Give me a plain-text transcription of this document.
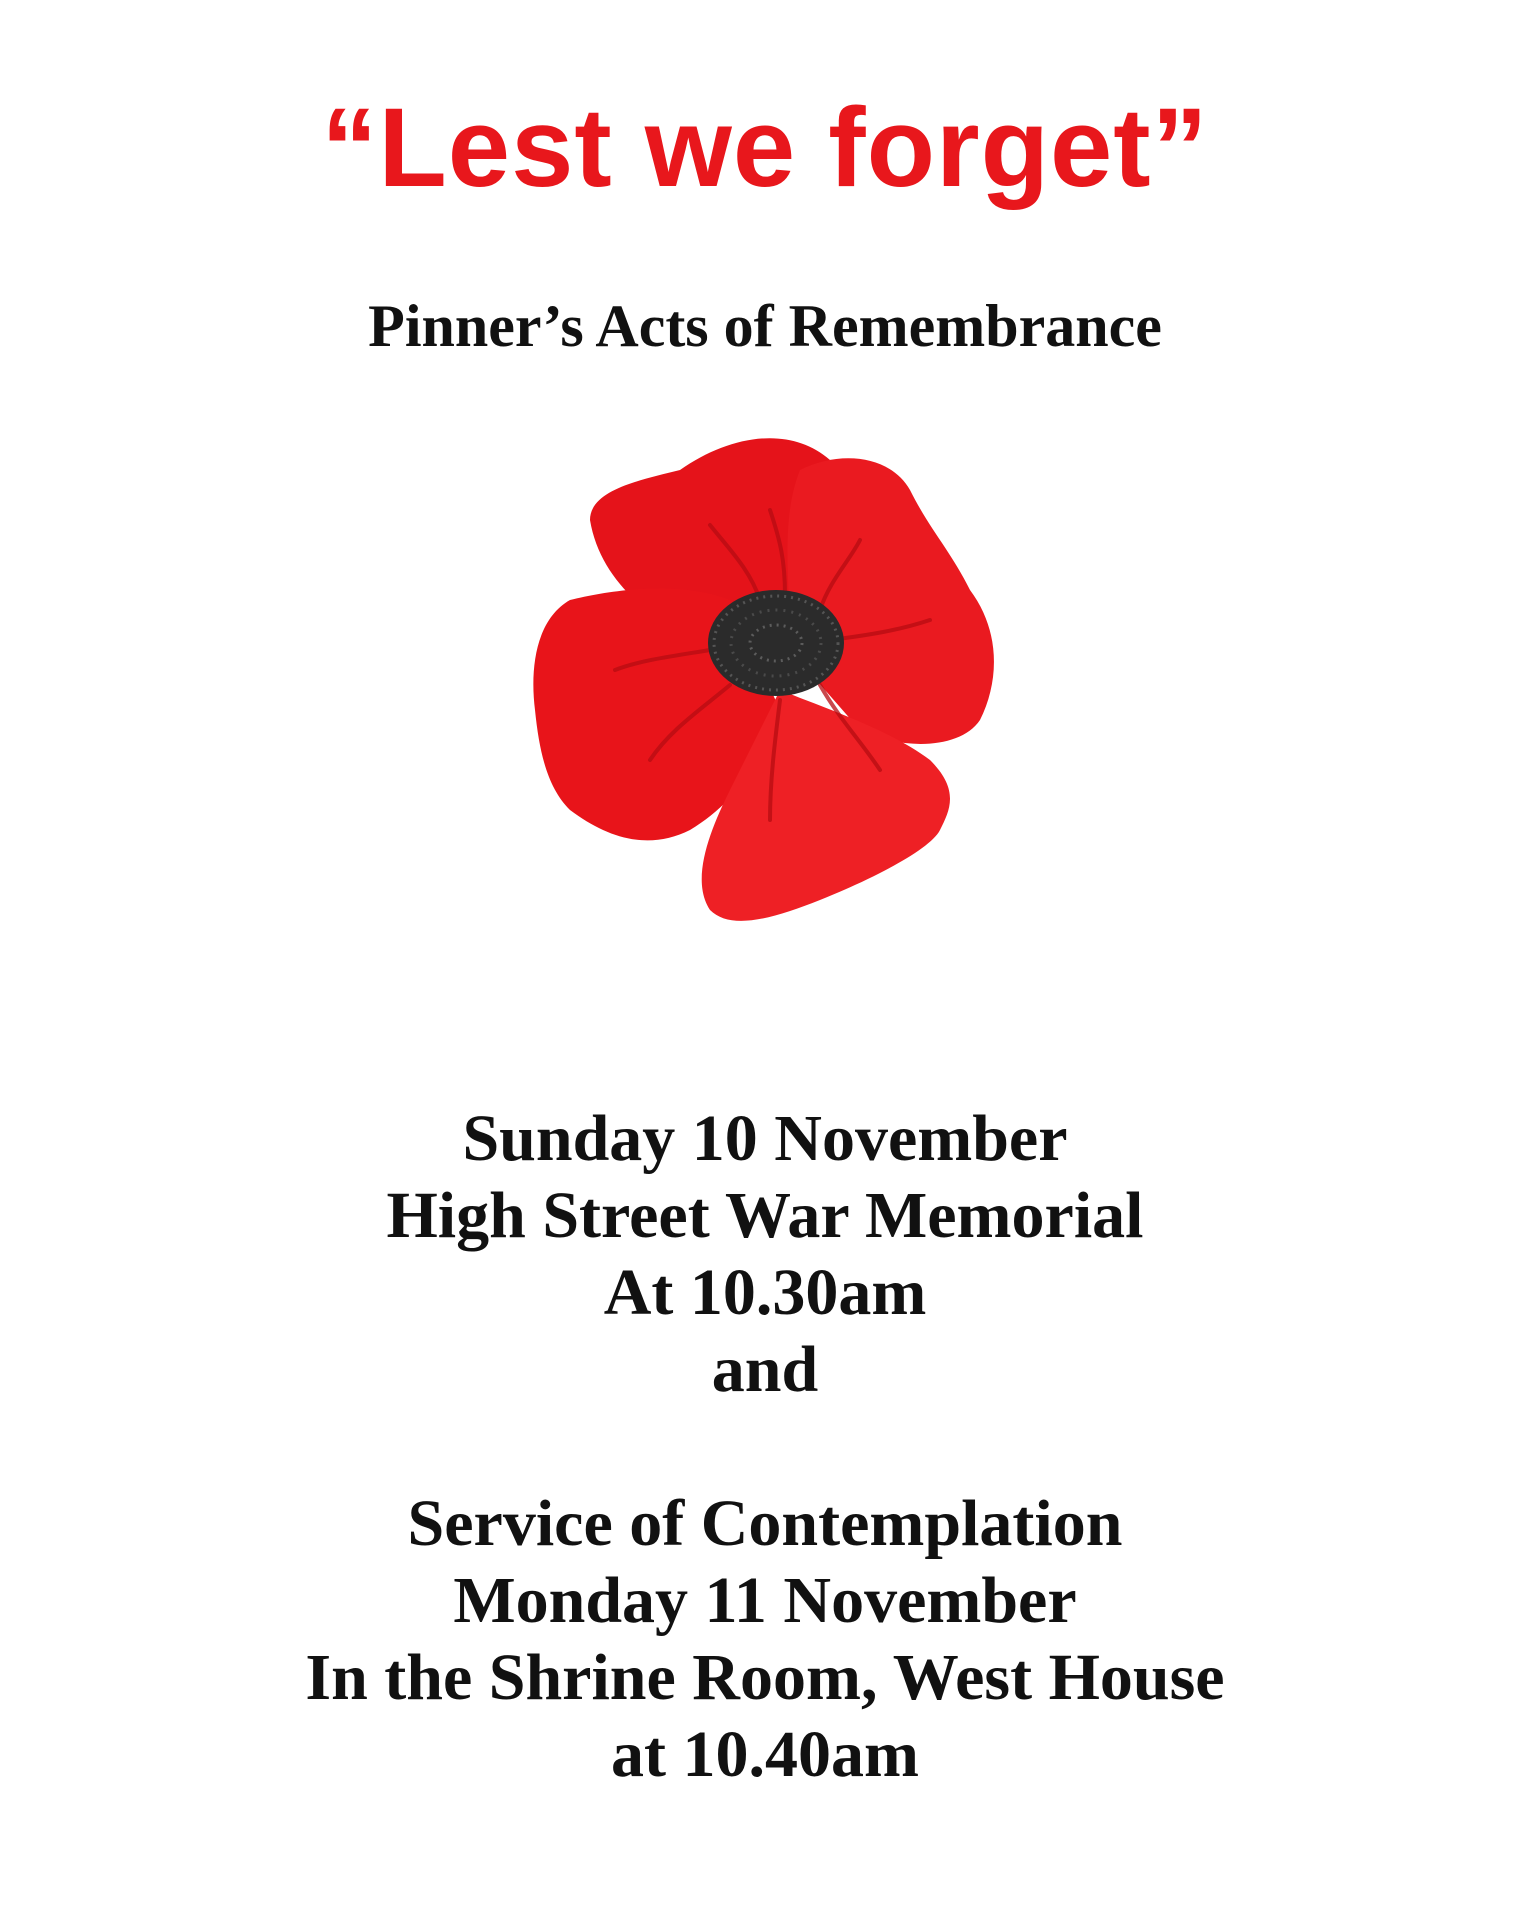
“Lest we forget”
Pinner’s Acts of Remembrance
Sunday 10 November
High Street War Memorial
At 10.30am
and
Service of Contemplation
Monday 11 November
In the Shrine Room, West House
at 10.40am
